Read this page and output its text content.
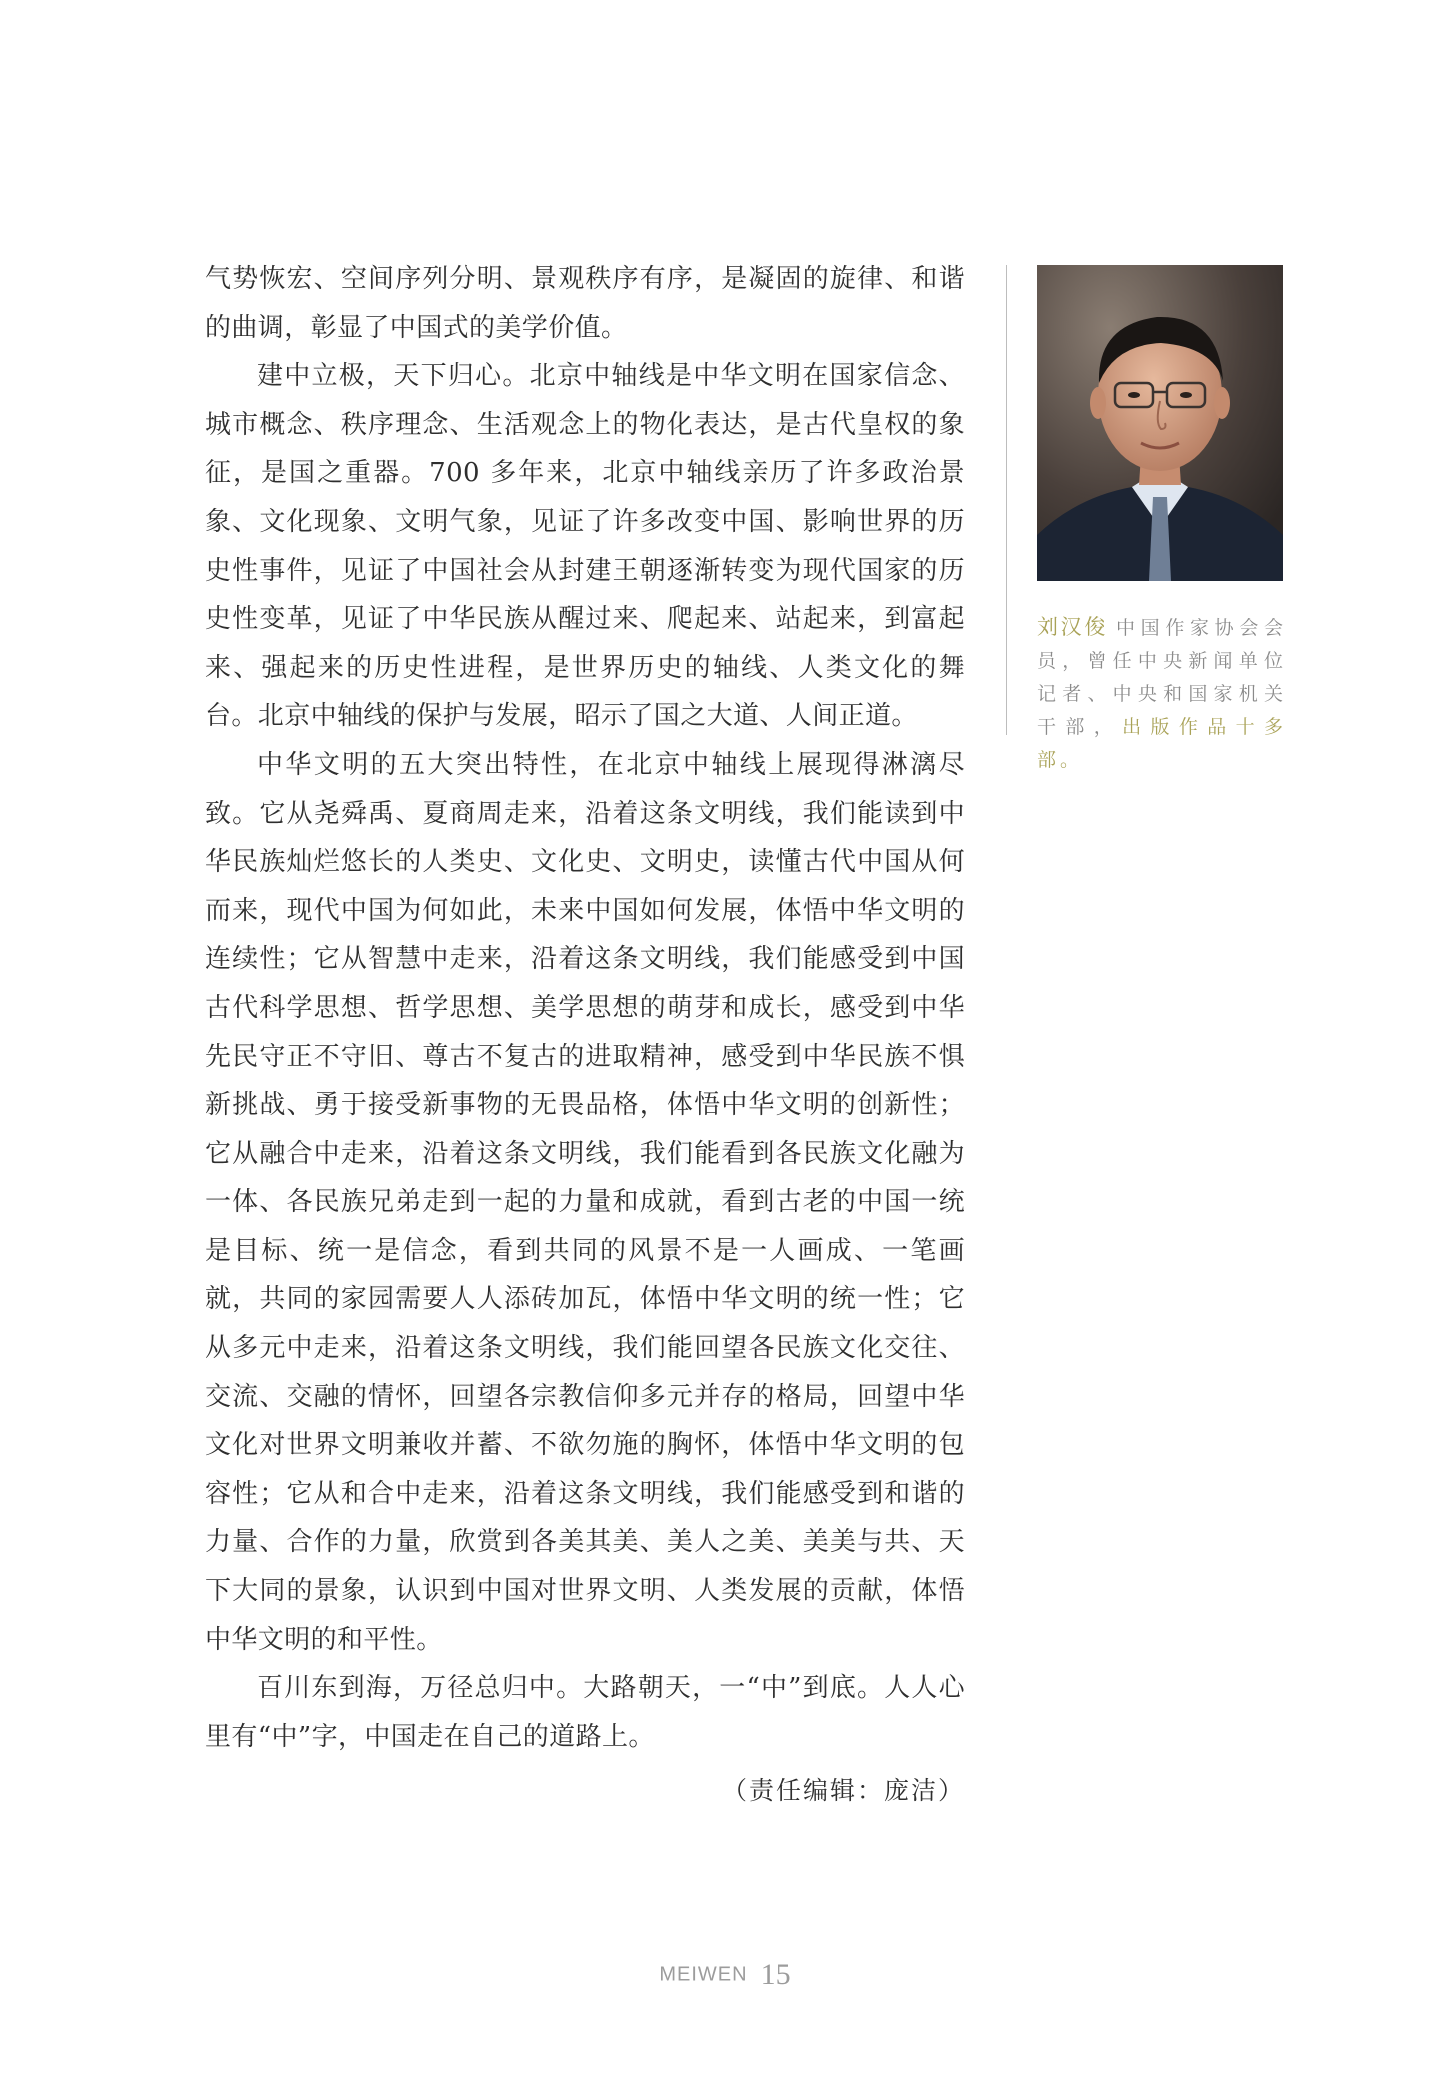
气势恢宏、空间序列分明、景观秩序有序，是凝固的旋律、和谐的曲调，彰显了中国式的美学价值。

建中立极，天下归心。北京中轴线是中华文明在国家信念、城市概念、秩序理念、生活观念上的物化表达，是古代皇权的象征，是国之重器。700 多年来，北京中轴线亲历了许多政治景象、文化现象、文明气象，见证了许多改变中国、影响世界的历史性事件，见证了中国社会从封建王朝逐渐转变为现代国家的历史性变革，见证了中华民族从醒过来、爬起来、站起来，到富起来、强起来的历史性进程，是世界历史的轴线、人类文化的舞台。北京中轴线的保护与发展，昭示了国之大道、人间正道。

中华文明的五大突出特性，在北京中轴线上展现得淋漓尽致。它从尧舜禹、夏商周走来，沿着这条文明线，我们能读到中华民族灿烂悠长的人类史、文化史、文明史，读懂古代中国从何而来，现代中国为何如此，未来中国如何发展，体悟中华文明的连续性；它从智慧中走来，沿着这条文明线，我们能感受到中国古代科学思想、哲学思想、美学思想的萌芽和成长，感受到中华先民守正不守旧、尊古不复古的进取精神，感受到中华民族不惧新挑战、勇于接受新事物的无畏品格，体悟中华文明的创新性；它从融合中走来，沿着这条文明线，我们能看到各民族文化融为一体、各民族兄弟走到一起的力量和成就，看到古老的中国一统是目标、统一是信念，看到共同的风景不是一人画成、一笔画就，共同的家园需要人人添砖加瓦，体悟中华文明的统一性；它从多元中走来，沿着这条文明线，我们能回望各民族文化交往、交流、交融的情怀，回望各宗教信仰多元并存的格局，回望中华文化对世界文明兼收并蓄、不欲勿施的胸怀，体悟中华文明的包容性；它从和合中走来，沿着这条文明线，我们能感受到和谐的力量、合作的力量，欣赏到各美其美、美人之美、美美与共、天下大同的景象，认识到中国对世界文明、人类发展的贡献，体悟中华文明的和平性。

百川东到海，万径总归中。大路朝天，一“中”到底。人人心里有“中”字，中国走在自己的道路上。

（责任编辑：庞洁）

刘汉俊 中国作家协会会员，曾任中央新闻单位记者、中央和国家机关干部，出版作品十多部。
MEIWEN 15
